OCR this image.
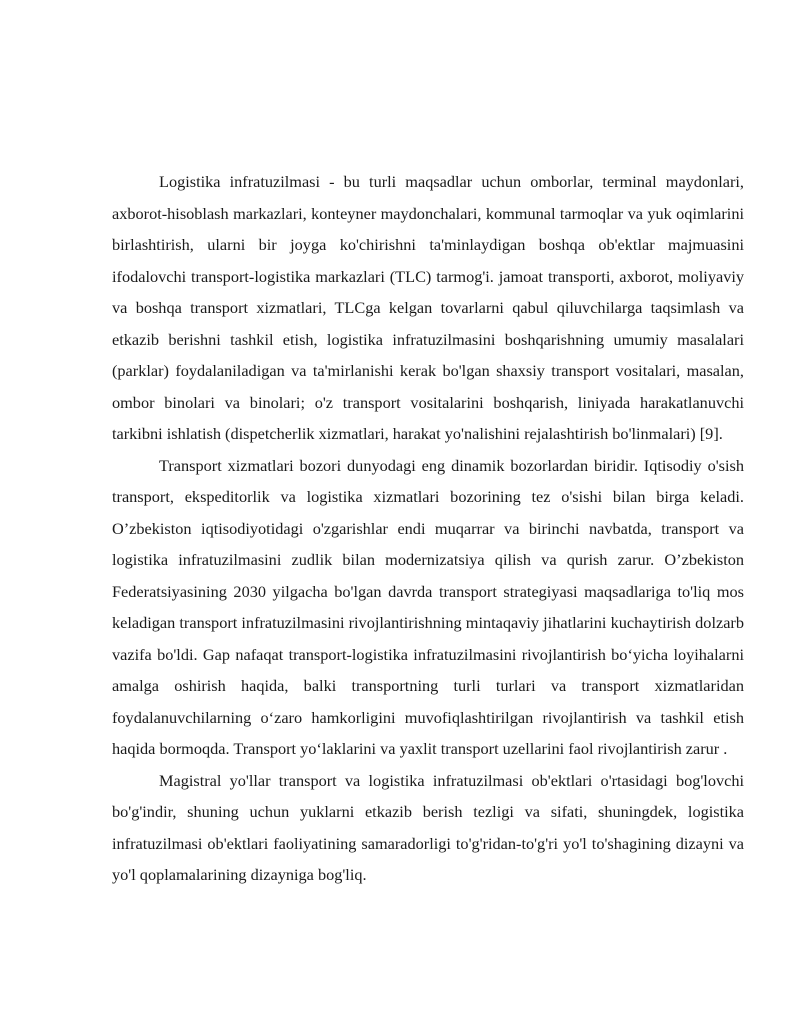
Logistika infratuzilmasi - bu turli maqsadlar uchun omborlar, terminal maydonlari, axborot-hisoblash markazlari, konteyner maydonchalari, kommunal tarmoqlar va yuk oqimlarini birlashtirish, ularni bir joyga ko'chirishni ta'minlaydigan boshqa ob'ektlar majmuasini ifodalovchi transport-logistika markazlari (TLC) tarmog'i. jamoat transporti, axborot, moliyaviy va boshqa transport xizmatlari, TLCga kelgan tovarlarni qabul qiluvchilarga taqsimlash va etkazib berishni tashkil etish, logistika infratuzilmasini boshqarishning umumiy masalalari (parklar) foydalaniladigan va ta'mirlanishi kerak bo'lgan shaxsiy transport vositalari, masalan, ombor binolari va binolari; o'z transport vositalarini boshqarish, liniyada harakatlanuvchi tarkibni ishlatish (dispetcherlik xizmatlari, harakat yo'nalishini rejalashtirish bo'linmalari) [9].

Transport xizmatlari bozori dunyodagi eng dinamik bozorlardan biridir. Iqtisodiy o'sish transport, ekspeditorlik va logistika xizmatlari bozorining tez o'sishi bilan birga keladi. O’zbekiston iqtisodiyotidagi o'zgarishlar endi muqarrar va birinchi navbatda, transport va logistika infratuzilmasini zudlik bilan modernizatsiya qilish va qurish zarur. O’zbekiston Federatsiyasining 2030 yilgacha bo'lgan davrda transport strategiyasi maqsadlariga to'liq mos keladigan transport infratuzilmasini rivojlantirishning mintaqaviy jihatlarini kuchaytirish dolzarb vazifa bo'ldi. Gap nafaqat transport-logistika infratuzilmasini rivojlantirish bo‘yicha loyihalarni amalga oshirish haqida, balki transportning turli turlari va transport xizmatlaridan foydalanuvchilarning o‘zaro hamkorligini muvofiqlashtirilgan rivojlantirish va tashkil etish haqida bormoqda. Transport yo‘laklarini va yaxlit transport uzellarini faol rivojlantirish zarur .

Magistral yo'llar transport va logistika infratuzilmasi ob'ektlari o'rtasidagi bog'lovchi bo'g'indir, shuning uchun yuklarni etkazib berish tezligi va sifati, shuningdek, logistika infratuzilmasi ob'ektlari faoliyatining samaradorligi to'g'ridan-to'g'ri yo'l to'shagining dizayni va yo'l qoplamalarining dizayniga bog'liq.
